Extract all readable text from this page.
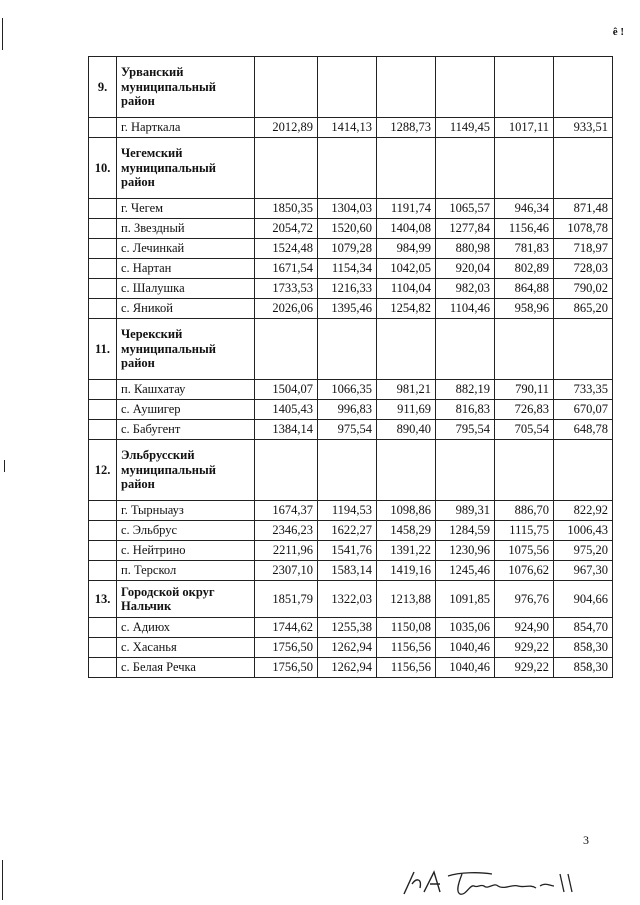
ê !
9.	Урванский муниципальный район						
	г. Нарткала	2012,89	1414,13	1288,73	1149,45	1017,11	933,51
10.	Чегемский муниципальный район						
	г. Чегем	1850,35	1304,03	1191,74	1065,57	946,34	871,48
	п. Звездный	2054,72	1520,60	1404,08	1277,84	1156,46	1078,78
	с. Лечинкай	1524,48	1079,28	984,99	880,98	781,83	718,97
	с. Нартан	1671,54	1154,34	1042,05	920,04	802,89	728,03
	с. Шалушка	1733,53	1216,33	1104,04	982,03	864,88	790,02
	с. Яникой	2026,06	1395,46	1254,82	1104,46	958,96	865,20
11.	Черекский муниципальный район						
	п. Кашхатау	1504,07	1066,35	981,21	882,19	790,11	733,35
	с. Аушигер	1405,43	996,83	911,69	816,83	726,83	670,07
	с. Бабугент	1384,14	975,54	890,40	795,54	705,54	648,78
12.	Эльбрусский муниципальный район						
	г. Тырныауз	1674,37	1194,53	1098,86	989,31	886,70	822,92
	с. Эльбрус	2346,23	1622,27	1458,29	1284,59	1115,75	1006,43
	с. Нейтрино	2211,96	1541,76	1391,22	1230,96	1075,56	975,20
	п. Терскол	2307,10	1583,14	1419,16	1245,46	1076,62	967,30
13.	Городской округ Нальчик	1851,79	1322,03	1213,88	1091,85	976,76	904,66
	с. Адиюх	1744,62	1255,38	1150,08	1035,06	924,90	854,70
	с. Хасанья	1756,50	1262,94	1156,56	1040,46	929,22	858,30
	с. Белая Речка	1756,50	1262,94	1156,56	1040,46	929,22	858,30
3
